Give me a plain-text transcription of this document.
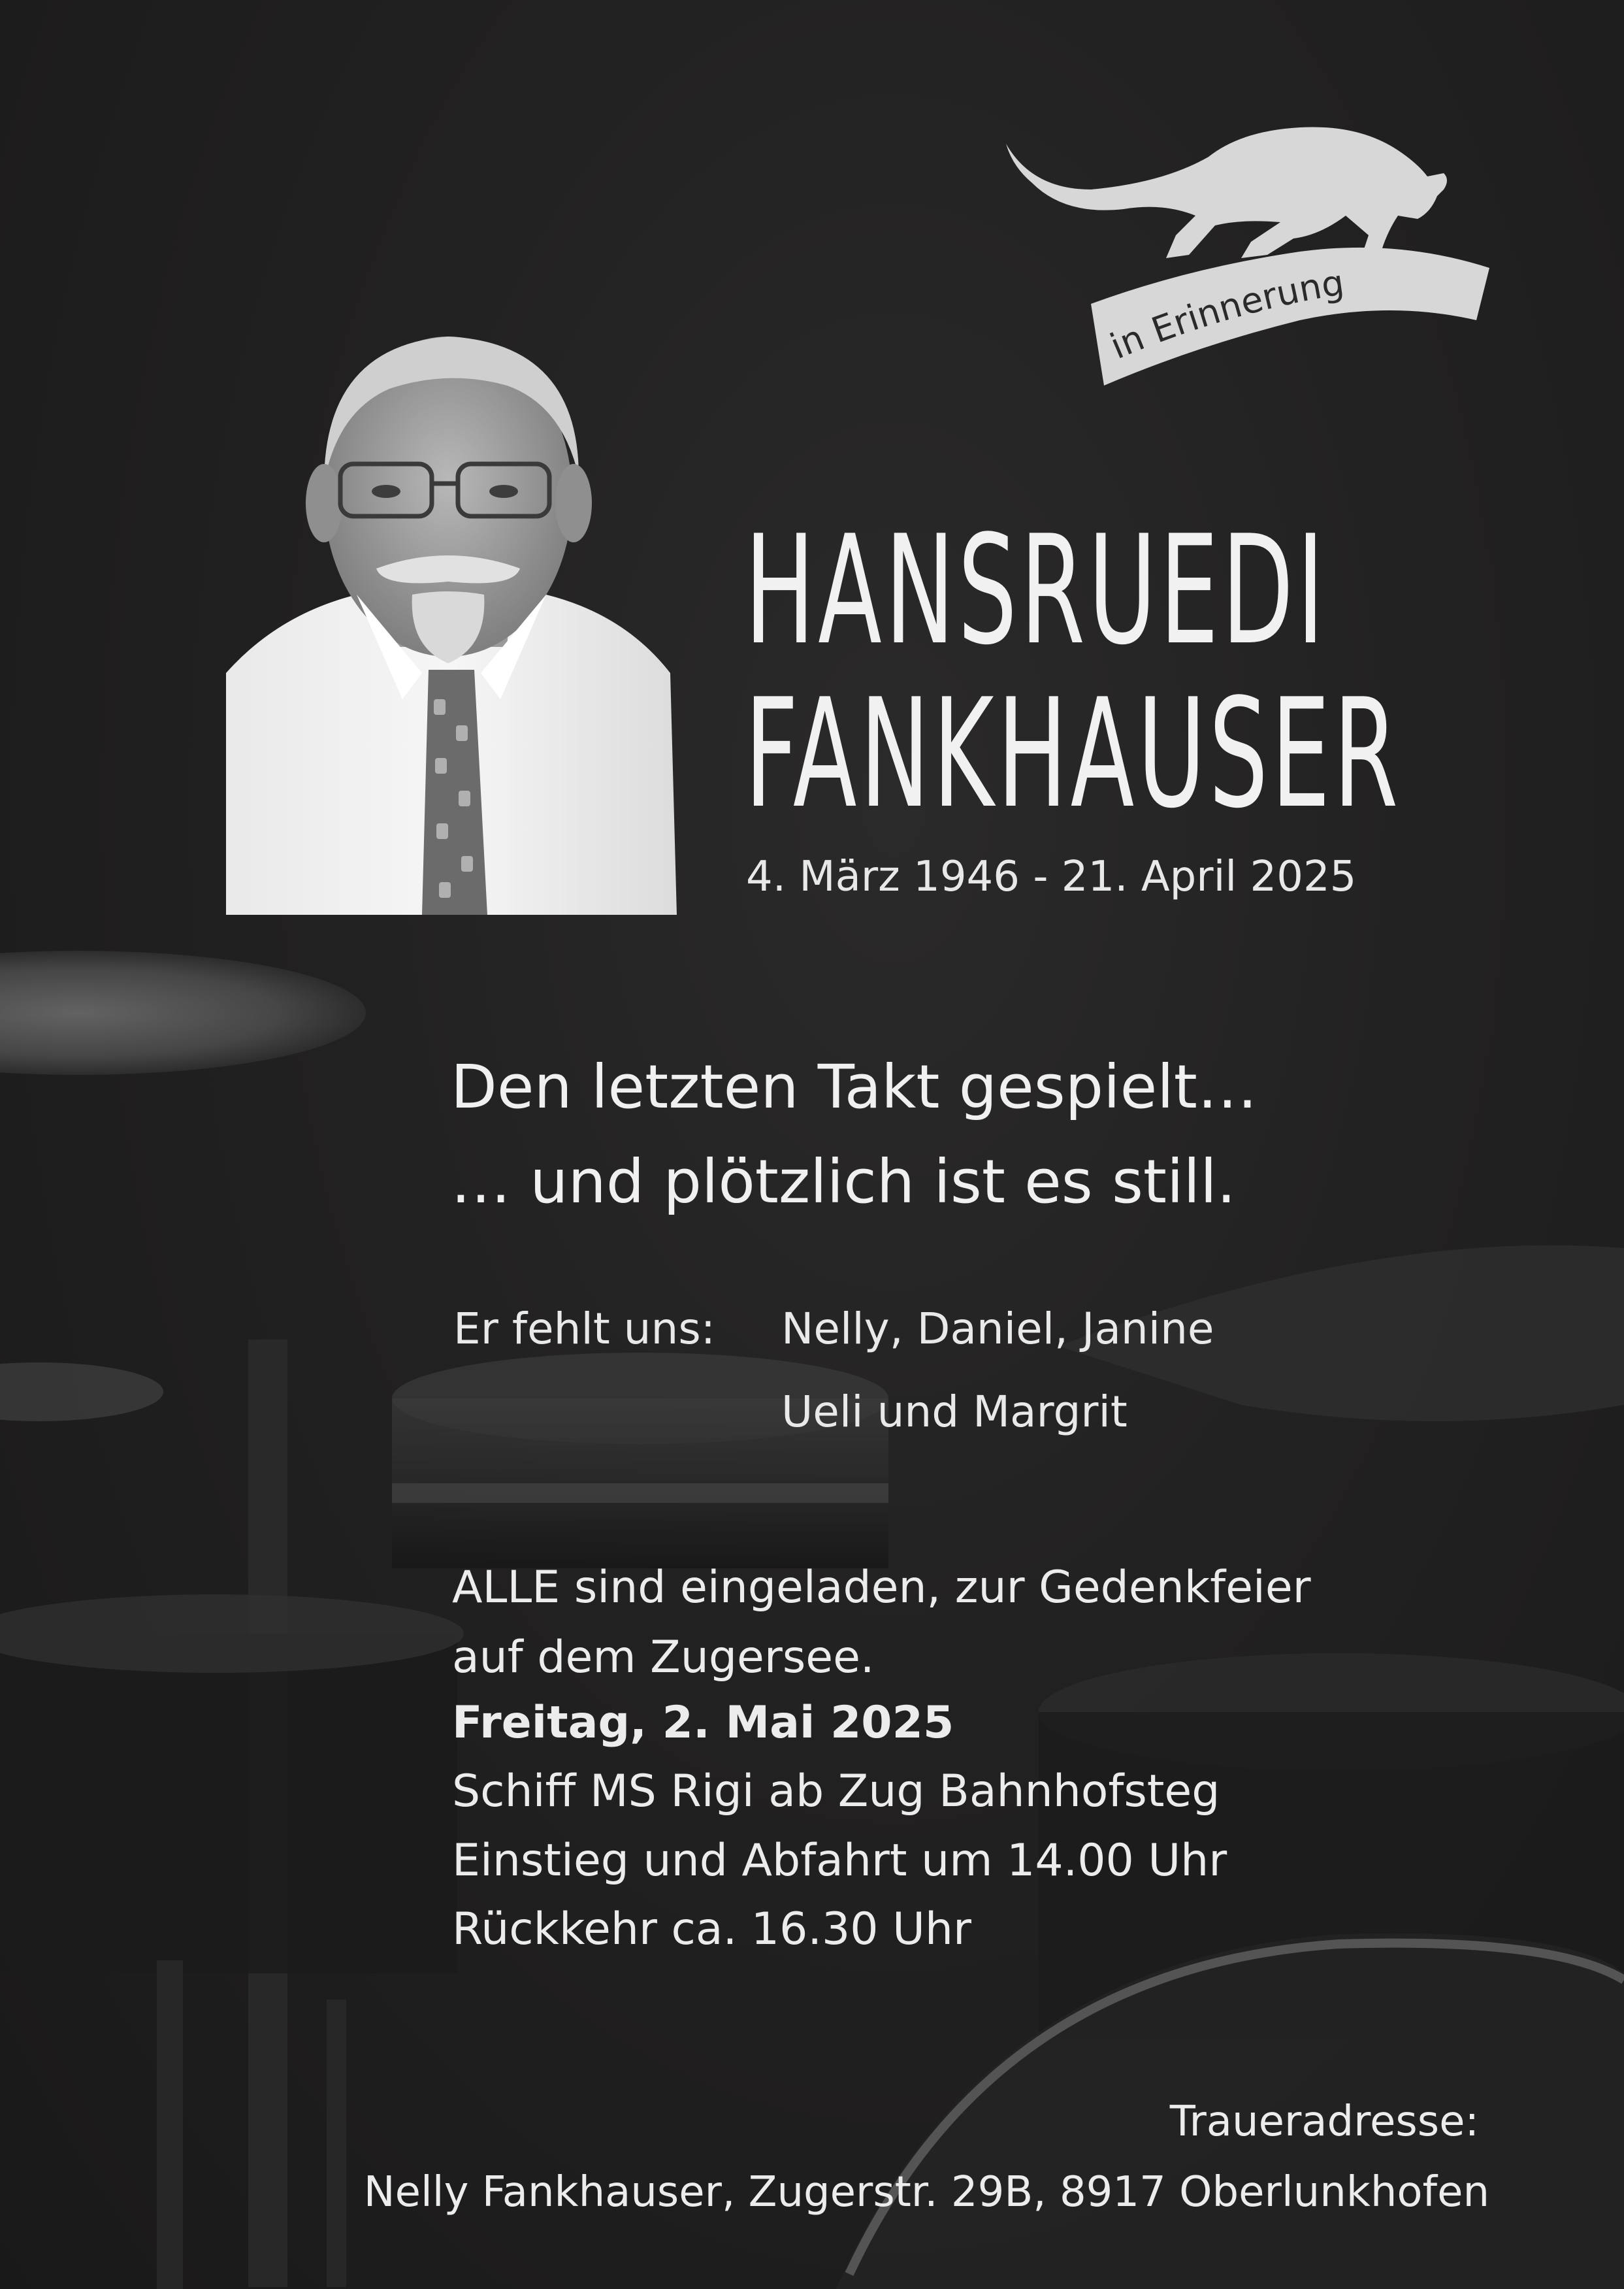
in Erinnerung
HANSRUEDI
FANKHAUSER
4. März 1946 - 21. April 2025
Den letzten Takt gespielt…
… und plötzlich ist es still.
Er fehlt uns: Nelly, Daniel, Janine
Ueli und Margrit
ALLE sind eingeladen, zur Gedenkfeier
auf dem Zugersee.
Freitag, 2. Mai 2025
Schiff MS Rigi ab Zug Bahnhofsteg
Einstieg und Abfahrt um 14.00 Uhr
Rückkehr ca. 16.30 Uhr
Traueradresse:
Nelly Fankhauser, Zugerstr. 29B, 8917 Oberlunkhofen
